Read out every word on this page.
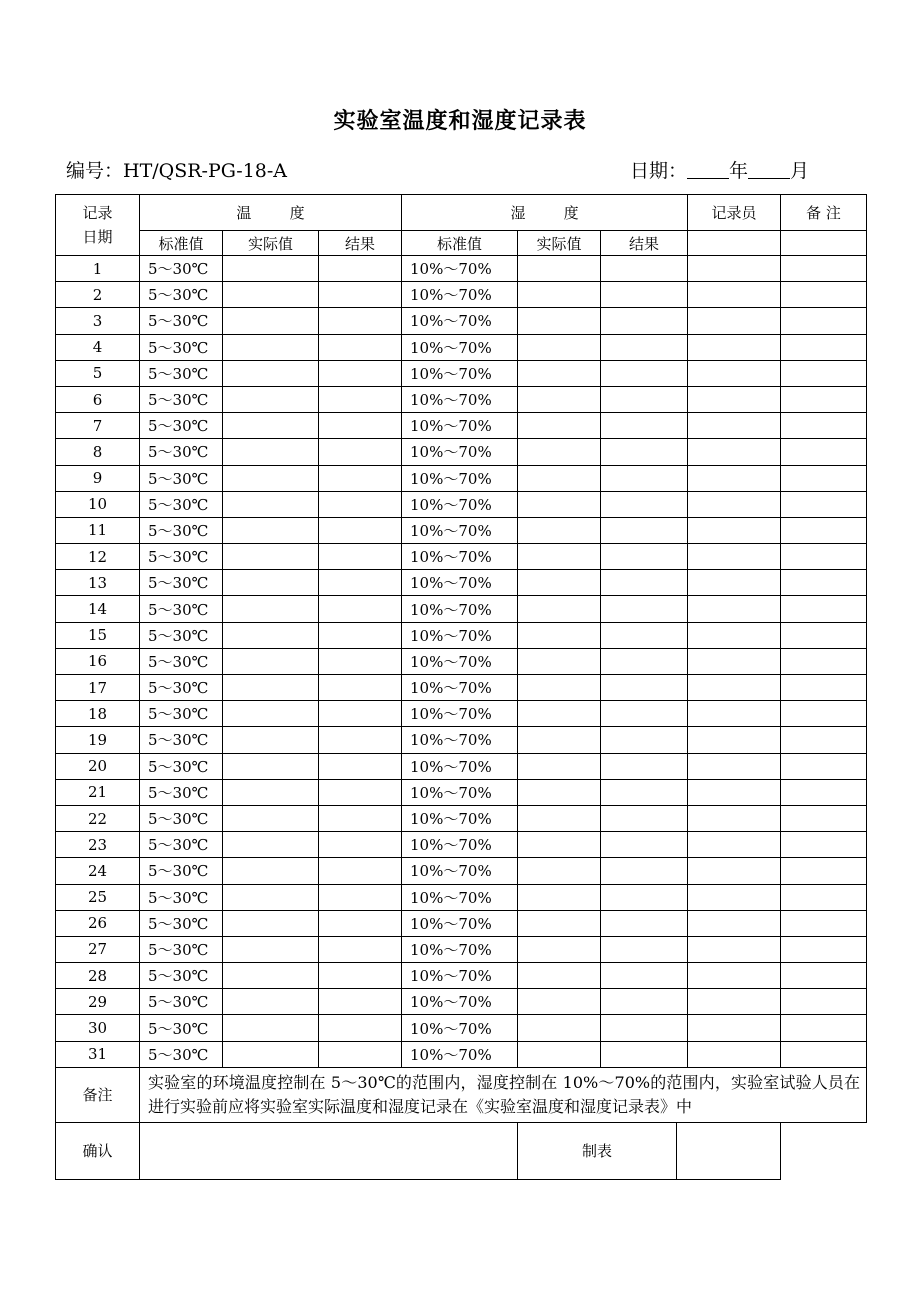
实验室温度和湿度记录表
编号：HT/QSR-PG-18-A	日期： 年 月
记录
日期	温        度			湿        度				记录员	备 注
	标准值	实际值	结果	标准值	实际值	结果			
1	5～30℃			10%～70%					
2	5～30℃			10%～70%					
3	5～30℃			10%～70%					
4	5～30℃			10%～70%					
5	5～30℃			10%～70%					
6	5～30℃			10%～70%					
7	5～30℃			10%～70%					
8	5～30℃			10%～70%					
9	5～30℃			10%～70%					
10	5～30℃			10%～70%					
11	5～30℃			10%～70%					
12	5～30℃			10%～70%					
13	5～30℃			10%～70%					
14	5～30℃			10%～70%					
15	5～30℃			10%～70%					
16	5～30℃			10%～70%					
17	5～30℃			10%～70%					
18	5～30℃			10%～70%					
19	5～30℃			10%～70%					
20	5～30℃			10%～70%					
21	5～30℃			10%～70%					
22	5～30℃			10%～70%					
23	5～30℃			10%～70%					
24	5～30℃			10%～70%					
25	5～30℃			10%～70%					
26	5～30℃			10%～70%					
27	5～30℃			10%～70%					
28	5～30℃			10%～70%					
29	5～30℃			10%～70%					
30	5～30℃			10%～70%					
31	5～30℃			10%～70%					
备注	实验室的环境温度控制在 5～30℃的范围内，湿度控制在 10%～70%的范围内，实验室试验人员在进行实验前应将实验室实际温度和湿度记录在《实验室温度和湿度记录表》中								
确认					制表				
